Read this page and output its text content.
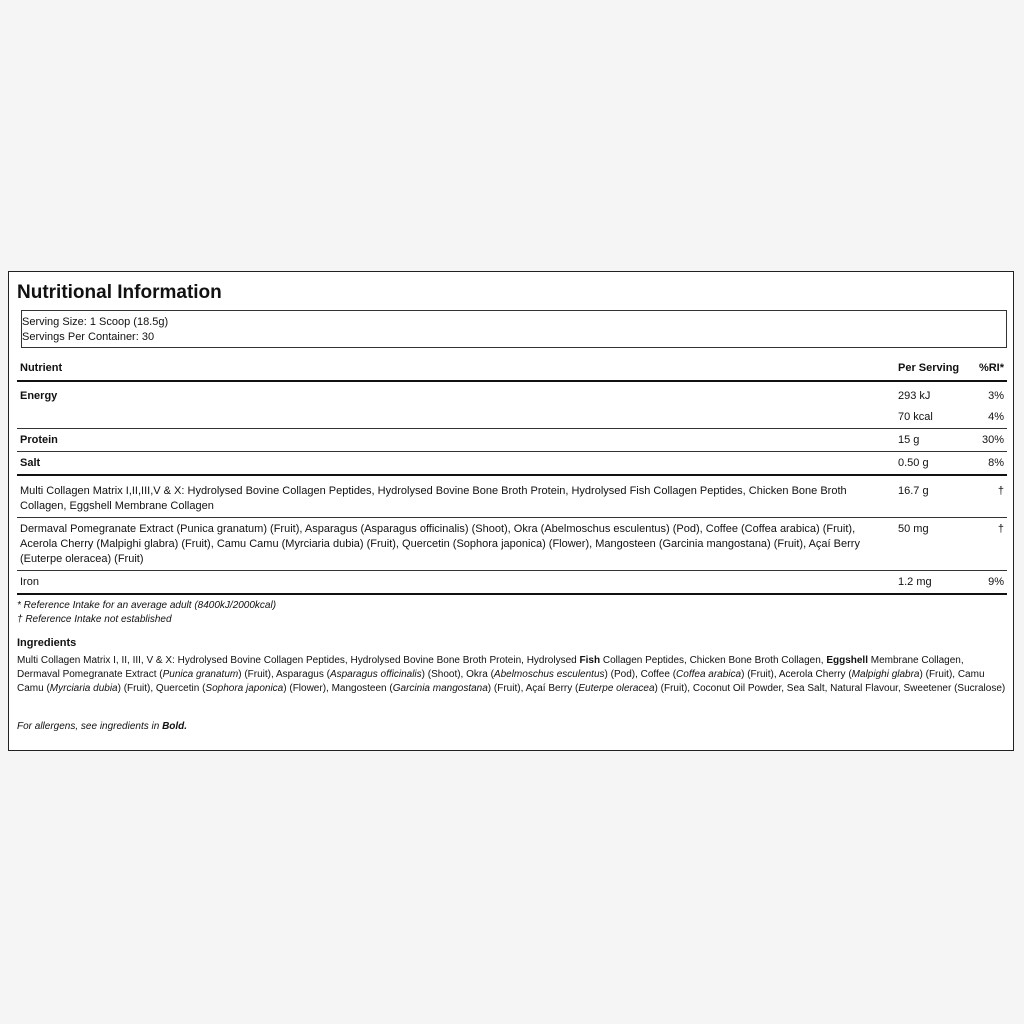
Nutritional Information
Serving Size: 1 Scoop (18.5g)
Servings Per Container: 30
Nutrient	Per Serving	%RI*
Energy	293 kJ	3%
	70 kcal	4%
Protein	15 g	30%
Salt	0.50 g	8%
Multi Collagen Matrix I,II,III,V & X: Hydrolysed Bovine Collagen Peptides, Hydrolysed Bovine Bone Broth Protein, Hydrolysed Fish Collagen Peptides, Chicken Bone Broth Collagen, Eggshell Membrane Collagen	16.7 g	†
Dermaval Pomegranate Extract (Punica granatum) (Fruit), Asparagus (Asparagus officinalis) (Shoot), Okra (Abelmoschus esculentus) (Pod), Coffee (Coffea arabica) (Fruit), Acerola Cherry (Malpighi glabra) (Fruit), Camu Camu (Myrciaria dubia) (Fruit), Quercetin (Sophora japonica) (Flower), Mangosteen (Garcinia mangostana) (Fruit), Açaí Berry (Euterpe oleracea) (Fruit)	50 mg	†
Iron	1.2 mg	9%
* Reference Intake for an average adult (8400kJ/2000kcal)
† Reference Intake not established
Ingredients
Multi Collagen Matrix I, II, III, V & X: Hydrolysed Bovine Collagen Peptides, Hydrolysed Bovine Bone Broth Protein, Hydrolysed Fish Collagen Peptides, Chicken Bone Broth Collagen, Eggshell Membrane Collagen, Dermaval Pomegranate Extract (Punica granatum) (Fruit), Asparagus (Asparagus officinalis) (Shoot), Okra (Abelmoschus esculentus) (Pod), Coffee (Coffea arabica) (Fruit), Acerola Cherry (Malpighi glabra) (Fruit), Camu Camu (Myrciaria dubia) (Fruit), Quercetin (Sophora japonica) (Flower), Mangosteen (Garcinia mangostana) (Fruit), Açaí Berry (Euterpe oleracea) (Fruit), Coconut Oil Powder, Sea Salt, Natural Flavour, Sweetener (Sucralose)
For allergens, see ingredients in Bold.
